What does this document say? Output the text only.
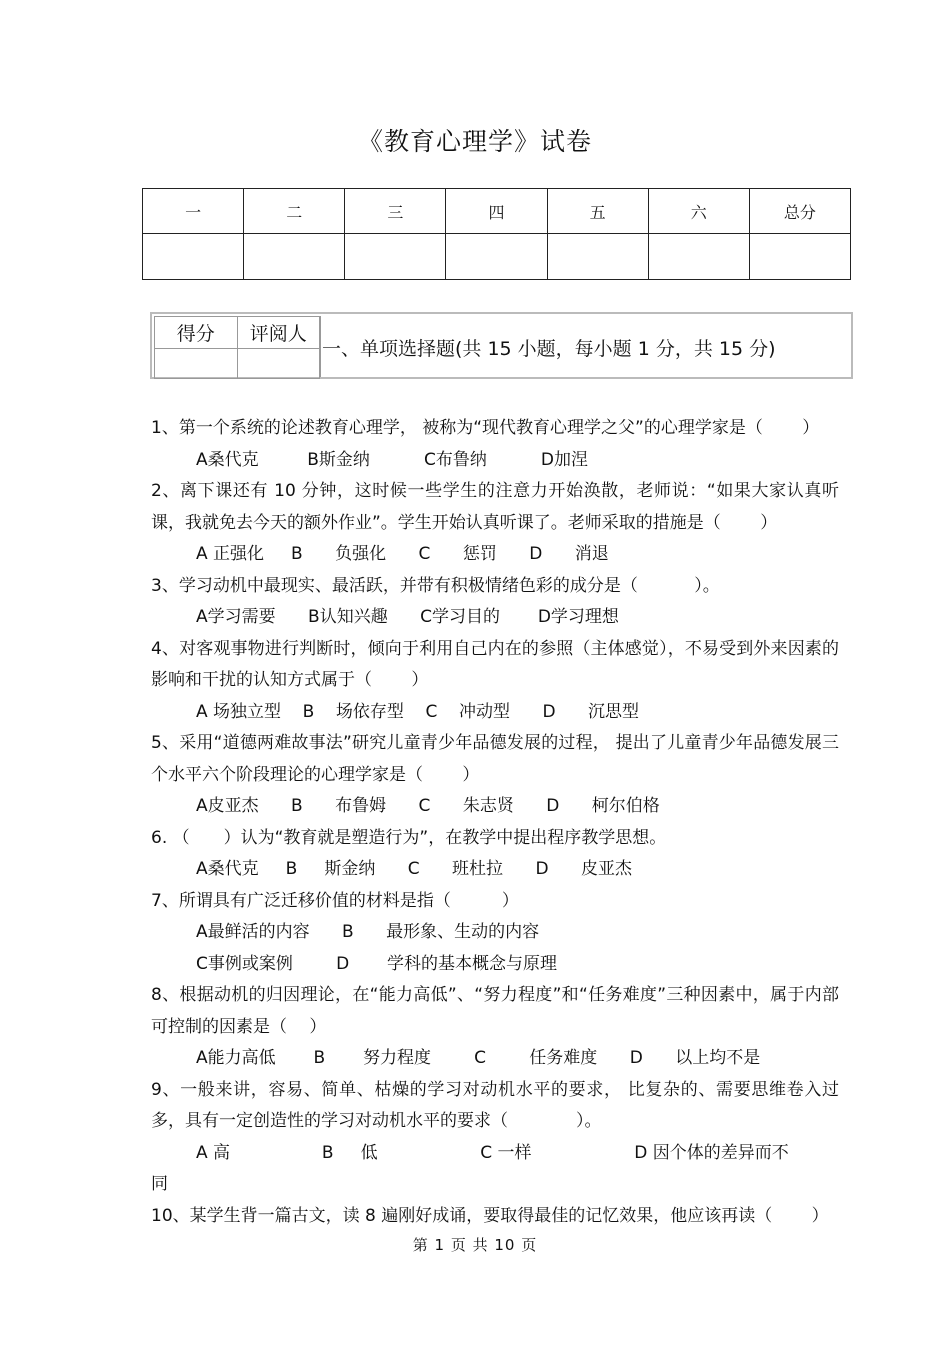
《教育心理学》试卷
一	二	三	四	五	六	总分

得分	评阅人

一、单项选择题(共 15 小题，每小题 1 分，共 15 分)

1、第一个系统的论述教育心理学， 被称为“现代教育心理学之父”的心理学家是（　　 ）

A桑代克         B斯金纳          C布鲁纳          D加涅

2、离下课还有 10 分钟，这时候一些学生的注意力开始涣散，老师说：“如果大家认真听课，我就免去今天的额外作业”。学生开始认真听课了。老师采取的措施是（　　 ）

A 正强化     B      负强化      C      惩罚      D      消退

3、学习动机中最现实、最活跃，并带有积极情绪色彩的成分是（　　　 ）。

A学习需要      B认知兴趣      C学习目的       D学习理想

4、对客观事物进行判断时，倾向于利用自己内在的参照（主体感觉），不易受到外来因素的影响和干扰的认知方式属于（　　 ）

A 场独立型    B    场依存型    C    冲动型      D      沉思型

5、采用“道德两难故事法”研究儿童青少年品德发展的过程， 提出了儿童青少年品德发展三个水平六个阶段理论的心理学家是（　　 ）

A皮亚杰      B      布鲁姆      C      朱志贤      D      柯尔伯格

6. （　　）认为“教育就是塑造行为”，在教学中提出程序教学思想。

A桑代克     B     斯金纳      C      班杜拉      D      皮亚杰

7、所谓具有广泛迁移价值的材料是指（　　　）

A最鲜活的内容      B      最形象、生动的内容

C事例或案例        D       学科的基本概念与原理

8、根据动机的归因理论，在“能力高低”、“努力程度”和“任务难度”三种因素中，属于内部可控制的因素是（　 ）

A能力高低       B       努力程度        C        任务难度      D      以上均不是

9、一般来讲，容易、简单、枯燥的学习对动机水平的要求， 比复杂的、需要思维卷入过多，具有一定创造性的学习对动机水平的要求（　　　　）。

A 高                 B     低                   C 一样                   D 因个体的差异而不

同

10、某学生背一篇古文，读 8 遍刚好成诵，要取得最佳的记忆效果，他应该再读（　　 ）

第 1 页 共 10 页
